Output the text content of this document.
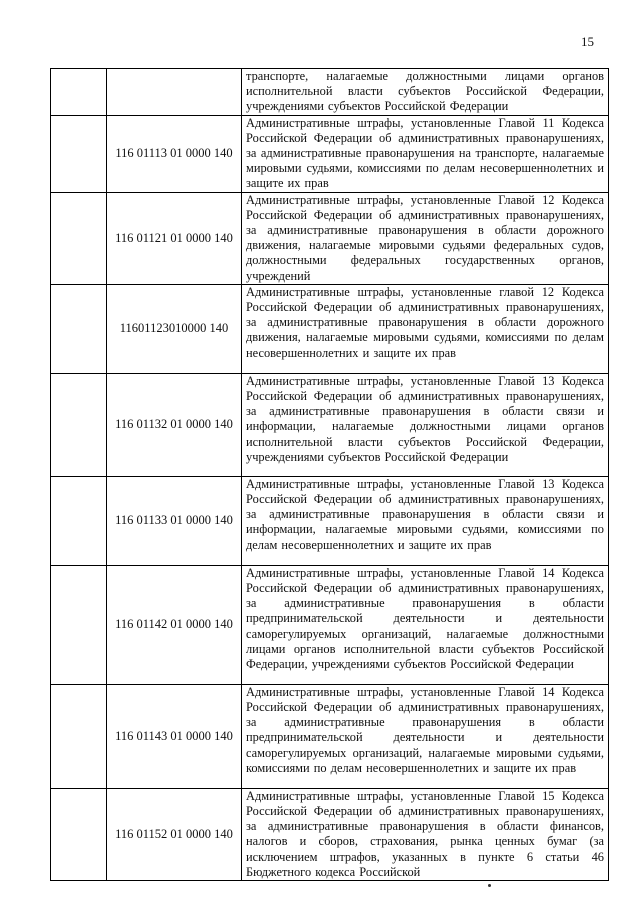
15
		транспорте, налагаемые должностными лицами органов исполнительной власти субъектов Российской Федерации, учреждениями субъектов Российской Федерации
	116 01113 01 0000 140	Административные штрафы, установленные Главой 11 Кодекса Российской Федерации об административных правонарушениях, за административные правонарушения на транспорте, налагаемые мировыми судьями, комиссиями по делам несовершеннолетних и защите их прав
	116 01121 01 0000 140	Административные штрафы, установленные Главой 12 Кодекса Российской Федерации об административных правонарушениях, за административные правонарушения в области дорожного движения, налагаемые мировыми судьями федеральных судов, должностными федеральных государственных органов, учреждений
	11601123010000 140	Административные штрафы, установленные главой 12 Кодекса Российской Федерации об административных правонарушениях, за административные правонарушения в области дорожного движения, налагаемые мировыми судьями, комиссиями по делам несовершеннолетних и защите их прав
	116 01132 01 0000 140	Административные штрафы, установленные Главой 13 Кодекса Российской Федерации об административных правонарушениях, за административные правонарушения в области связи и информации, налагаемые должностными лицами органов исполнительной власти субъектов Российской Федерации, учреждениями субъектов Российской Федерации
	116 01133 01 0000 140	Административные штрафы, установленные Главой 13 Кодекса Российской Федерации об административных правонарушениях, за административные правонарушения в области связи и информации, налагаемые мировыми судьями, комиссиями по делам несовершеннолетних и защите их прав
	116 01142 01 0000 140	Административные штрафы, установленные Главой 14 Кодекса Российской Федерации об административных правонарушениях, за административные правонарушения в области предпринимательской деятельности и деятельности саморегулируемых организаций, налагаемые должностными лицами органов исполнительной власти субъектов Российской Федерации, учреждениями субъектов Российской Федерации
	116 01143 01 0000 140	Административные штрафы, установленные Главой 14 Кодекса Российской Федерации об административных правонарушениях, за административные правонарушения в области предпринимательской деятельности и деятельности саморегулируемых организаций, налагаемые мировыми судьями, комиссиями по делам несовершеннолетних и защите их прав
	116 01152 01 0000 140	Административные штрафы, установленные Главой 15 Кодекса Российской Федерации об административных правонарушениях, за административные правонарушения в области финансов, налогов и сборов, страхования, рынка ценных бумаг (за исключением штрафов, указанных в пункте 6 статьи 46 Бюджетного кодекса Российской
